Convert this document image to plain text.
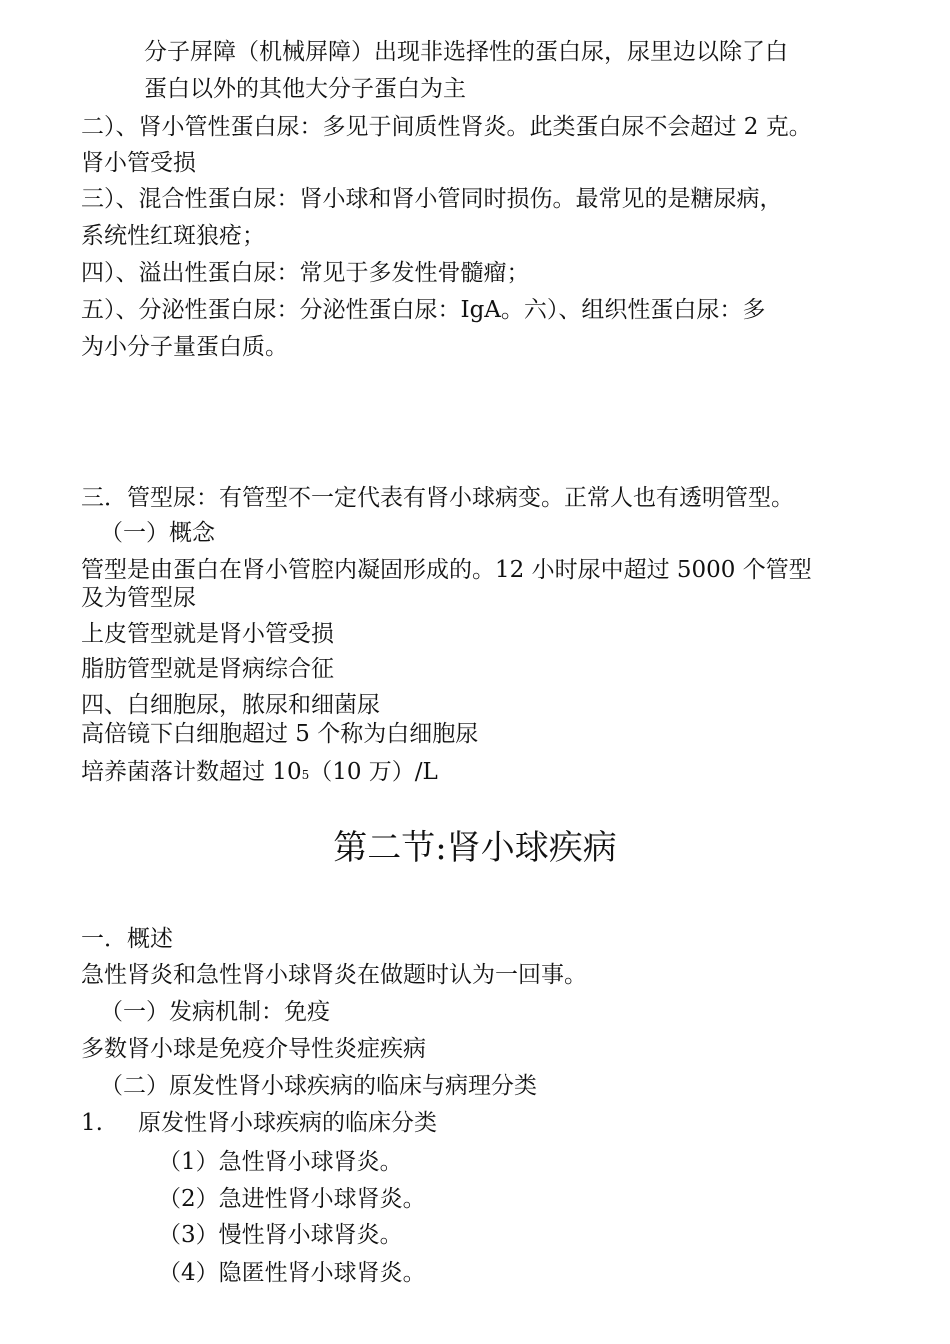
分子屏障（机械屏障）出现非选择性的蛋白尿，尿里边以除了白

蛋白以外的其他大分子蛋白为主

二）、肾小管性蛋白尿：多见于间质性肾炎。此类蛋白尿不会超过 2 克。

肾小管受损

三）、混合性蛋白尿：肾小球和肾小管同时损伤。最常见的是糖尿病，

系统性红斑狼疮；

四）、溢出性蛋白尿：常见于多发性骨髓瘤；

五）、分泌性蛋白尿：分泌性蛋白尿：IgA。六）、组织性蛋白尿：多

为小分子量蛋白质。

三．管型尿：有管型不一定代表有肾小球病变。正常人也有透明管型。

（一）概念

管型是由蛋白在肾小管腔内凝固形成的。12 小时尿中超过 5000 个管型

及为管型尿

上皮管型就是肾小管受损

脂肪管型就是肾病综合征

四、白细胞尿，脓尿和细菌尿

高倍镜下白细胞超过 5 个称为白细胞尿

培养菌落计数超过 105（10 万）/L

第二节:肾小球疾病

一．概述

急性肾炎和急性肾小球肾炎在做题时认为一回事。

（一）发病机制：免疫

多数肾小球是免疫介导性炎症疾病

（二）原发性肾小球疾病的临床与病理分类

1. 原发性肾小球疾病的临床分类

（1）急性肾小球肾炎。

（2）急进性肾小球肾炎。

（3）慢性肾小球肾炎。

（4）隐匿性肾小球肾炎。
